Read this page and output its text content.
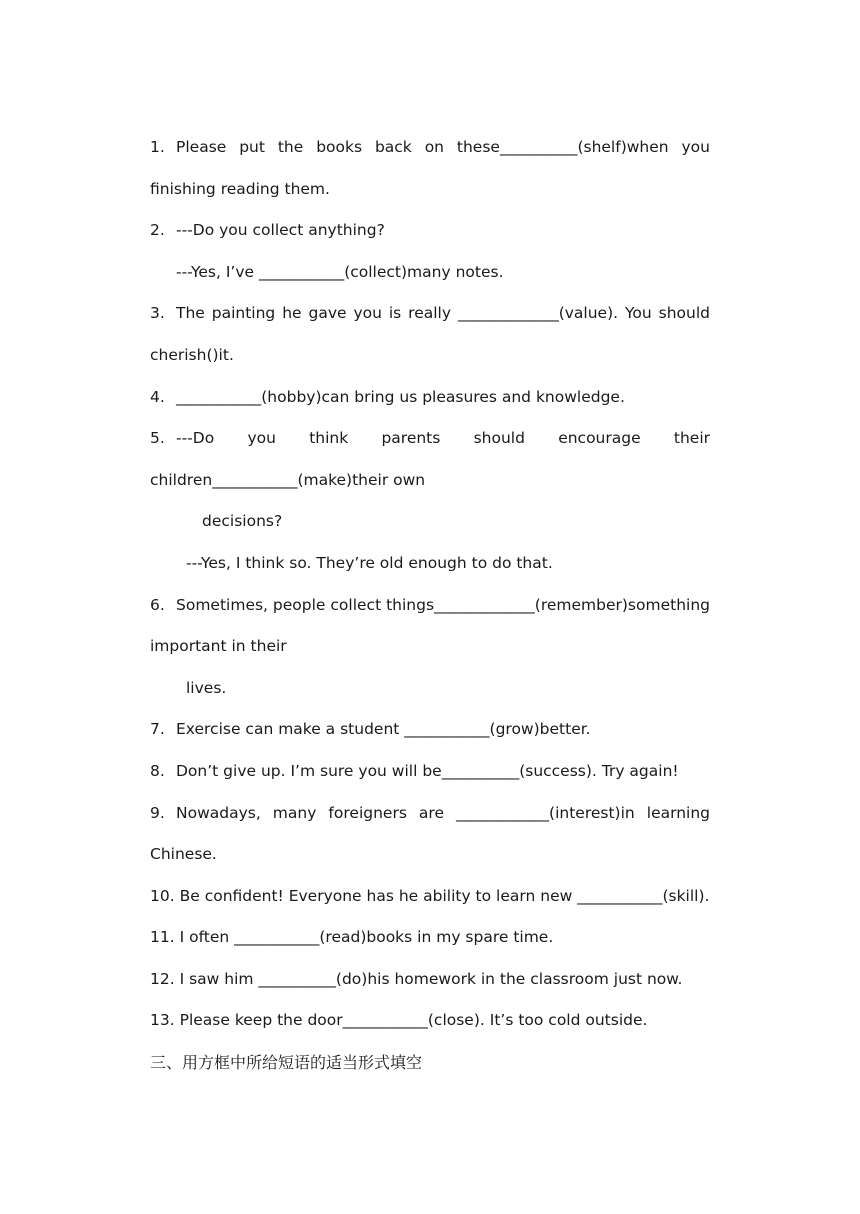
1. Please put the books back on these__________(shelf)when you
finishing reading them.
2. ---Do you collect anything?
---Yes, I’ve ___________(collect)many notes.
3. The painting he gave you is really _____________(value). You should
cherish()it.
4. ___________(hobby)can bring us pleasures and knowledge.
5. ---Do you think parents should encourage their
children___________(make)their own
decisions?
---Yes, I think so. They’re old enough to do that.
6. Sometimes, people collect things_____________(remember)something
important in their
lives.
7. Exercise can make a student ___________(grow)better.
8. Don’t give up. I’m sure you will be__________(success). Try again!
9. Nowadays, many foreigners are ____________(interest)in learning
Chinese.
10. Be confident! Everyone has he ability to learn new ___________(skill).
11. I often ___________(read)books in my spare time.
12. I saw him __________(do)his homework in the classroom just now.
13. Please keep the door___________(close). It’s too cold outside.
三、用方框中所给短语的适当形式填空
